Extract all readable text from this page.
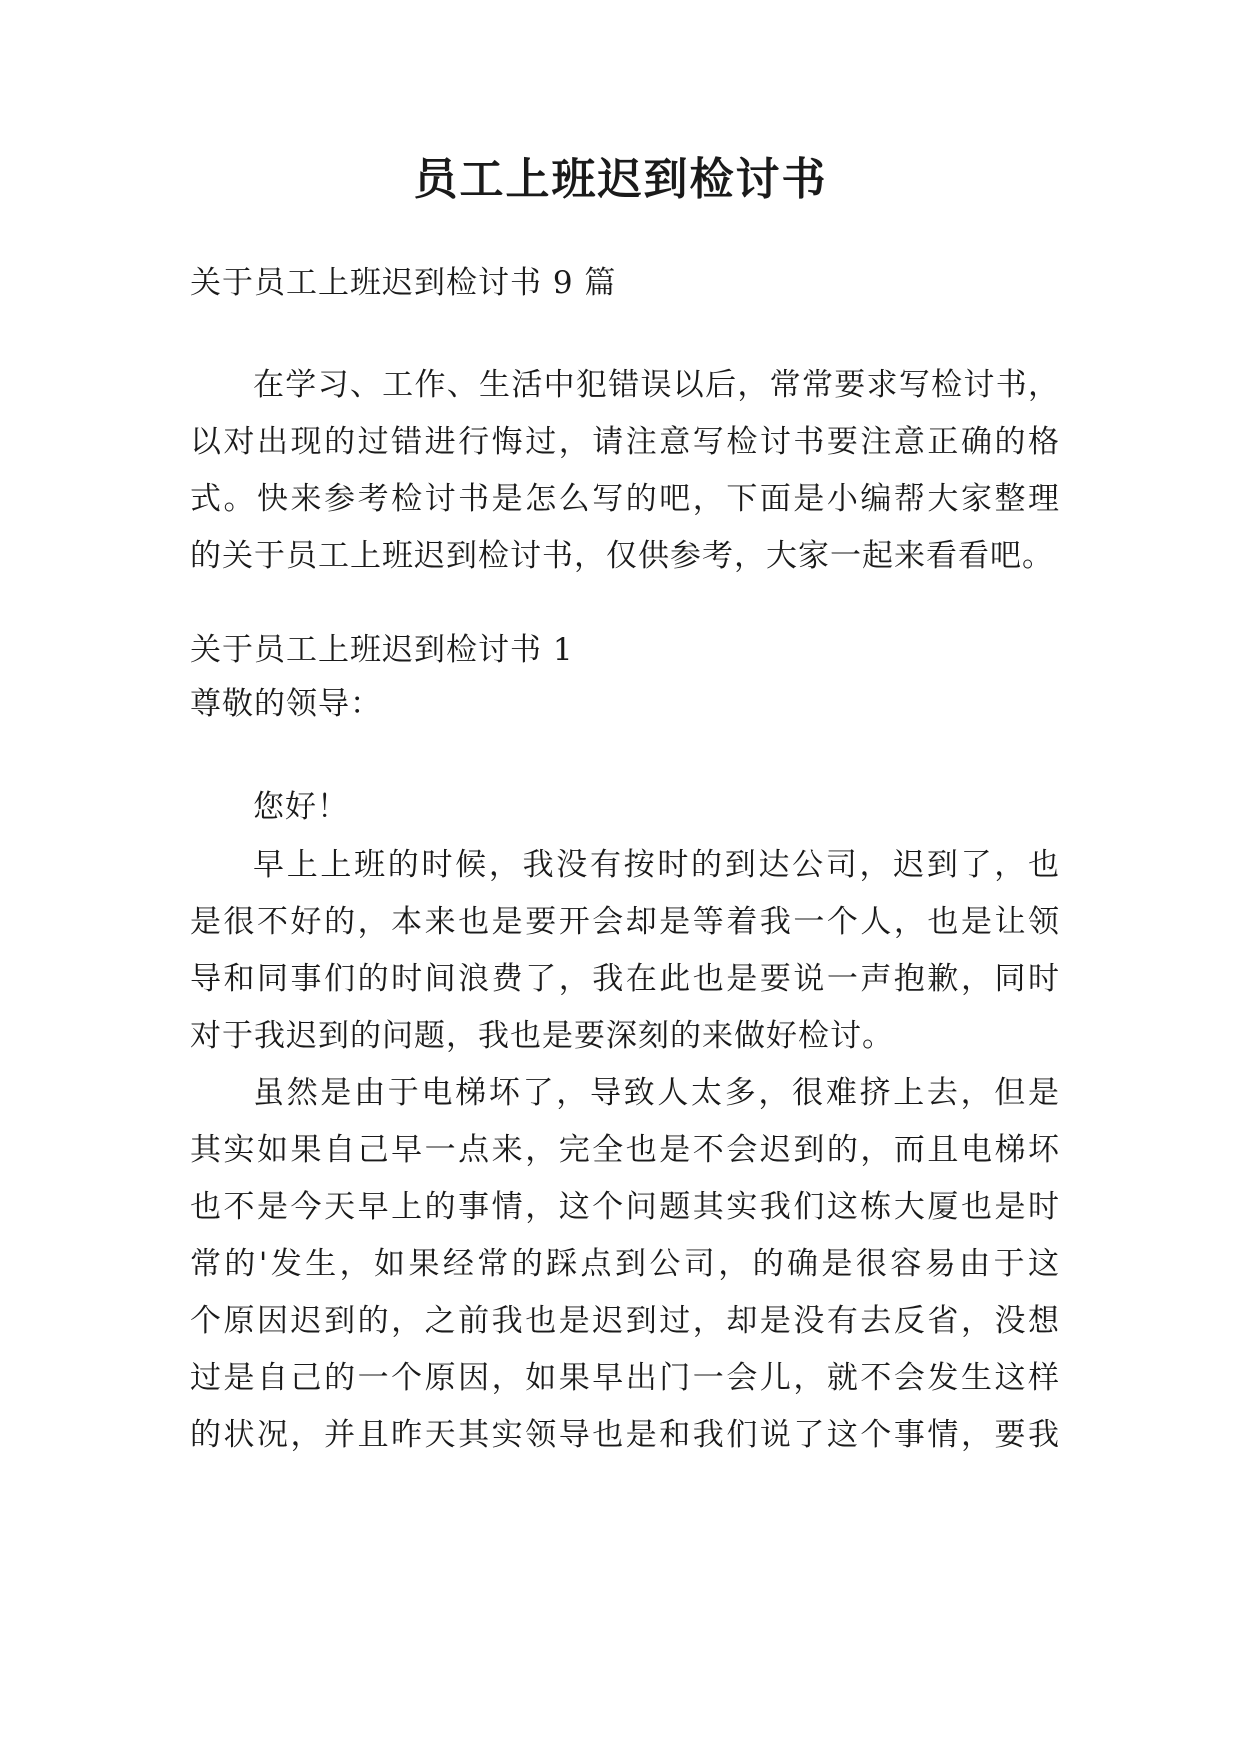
员工上班迟到检讨书

关于员工上班迟到检讨书 9 篇

在学习、工作、生活中犯错误以后，常常要求写检讨书，

以对出现的过错进行悔过，请注意写检讨书要注意正确的格

式。快来参考检讨书是怎么写的吧，下面是小编帮大家整理

的关于员工上班迟到检讨书，仅供参考，大家一起来看看吧。

关于员工上班迟到检讨书 1

尊敬的领导：

您好！

早上上班的时候，我没有按时的到达公司，迟到了，也

是很不好的，本来也是要开会却是等着我一个人，也是让领

导和同事们的时间浪费了，我在此也是要说一声抱歉，同时

对于我迟到的问题，我也是要深刻的来做好检讨。

虽然是由于电梯坏了，导致人太多，很难挤上去，但是

其实如果自己早一点来，完全也是不会迟到的，而且电梯坏

也不是今天早上的事情，这个问题其实我们这栋大厦也是时

常的'发生，如果经常的踩点到公司，的确是很容易由于这

个原因迟到的，之前我也是迟到过，却是没有去反省，没想

过是自己的一个原因，如果早出门一会儿，就不会发生这样

的状况，并且昨天其实领导也是和我们说了这个事情，要我
